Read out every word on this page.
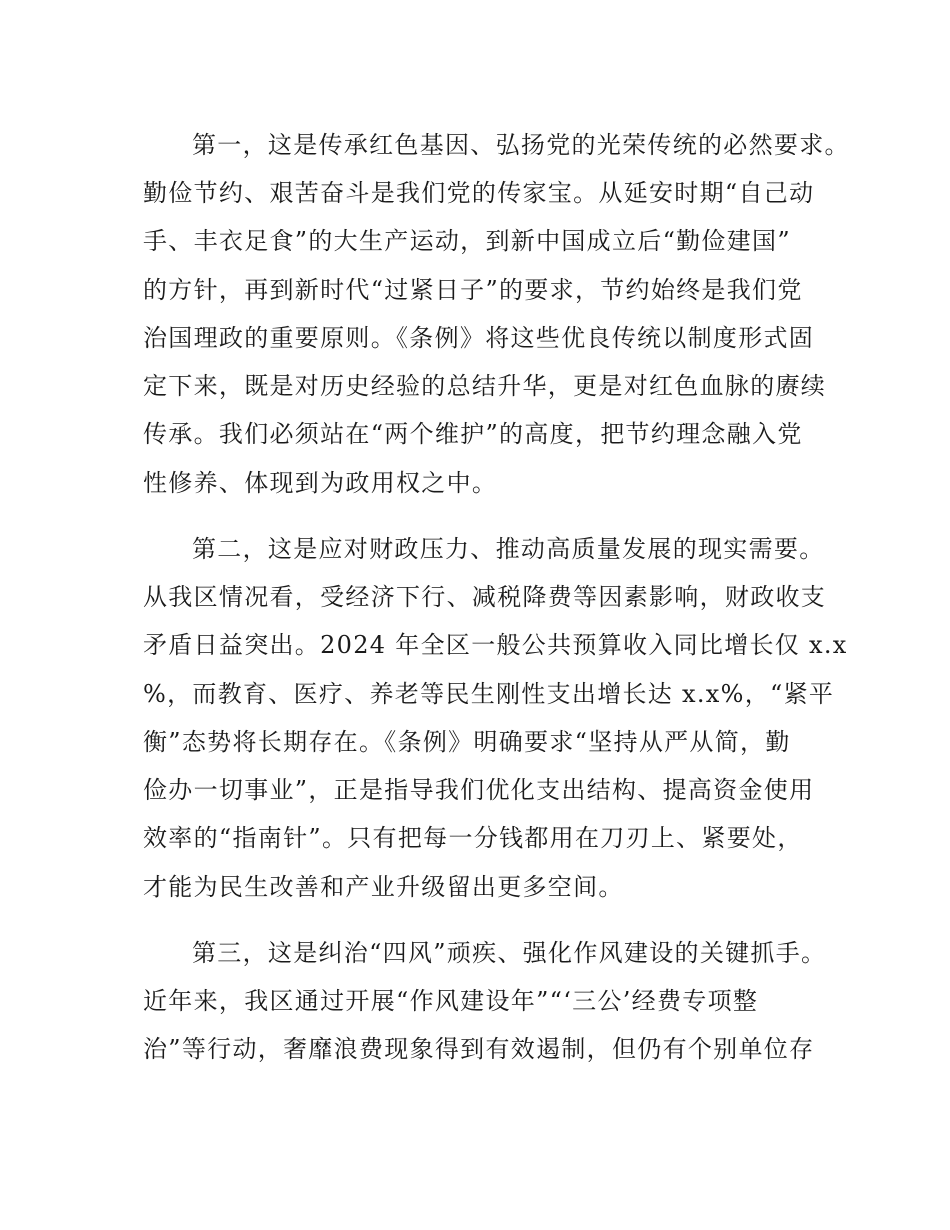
第一，这是传承红色基因、弘扬党的光荣传统的必然要求。
勤俭节约、艰苦奋斗是我们党的传家宝。从延安时期“自己动
手、丰衣足食”的大生产运动，到新中国成立后“勤俭建国”
的方针，再到新时代“过紧日子”的要求，节约始终是我们党
治国理政的重要原则。《条例》将这些优良传统以制度形式固
定下来，既是对历史经验的总结升华，更是对红色血脉的赓续
传承。我们必须站在“两个维护”的高度，把节约理念融入党
性修养、体现到为政用权之中。
第二，这是应对财政压力、推动高质量发展的现实需要。
从我区情况看，受经济下行、减税降费等因素影响，财政收支
矛盾日益突出。2024 年全区一般公共预算收入同比增长仅 x.x
%，而教育、医疗、养老等民生刚性支出增长达 x.x%，“紧平
衡”态势将长期存在。《条例》明确要求“坚持从严从简，勤
俭办一切事业”，正是指导我们优化支出结构、提高资金使用
效率的“指南针”。只有把每一分钱都用在刀刃上、紧要处，
才能为民生改善和产业升级留出更多空间。
第三，这是纠治“四风”顽疾、强化作风建设的关键抓手。
近年来，我区通过开展“作风建设年”“‘三公’经费专项整
治”等行动，奢靡浪费现象得到有效遏制，但仍有个别单位存
